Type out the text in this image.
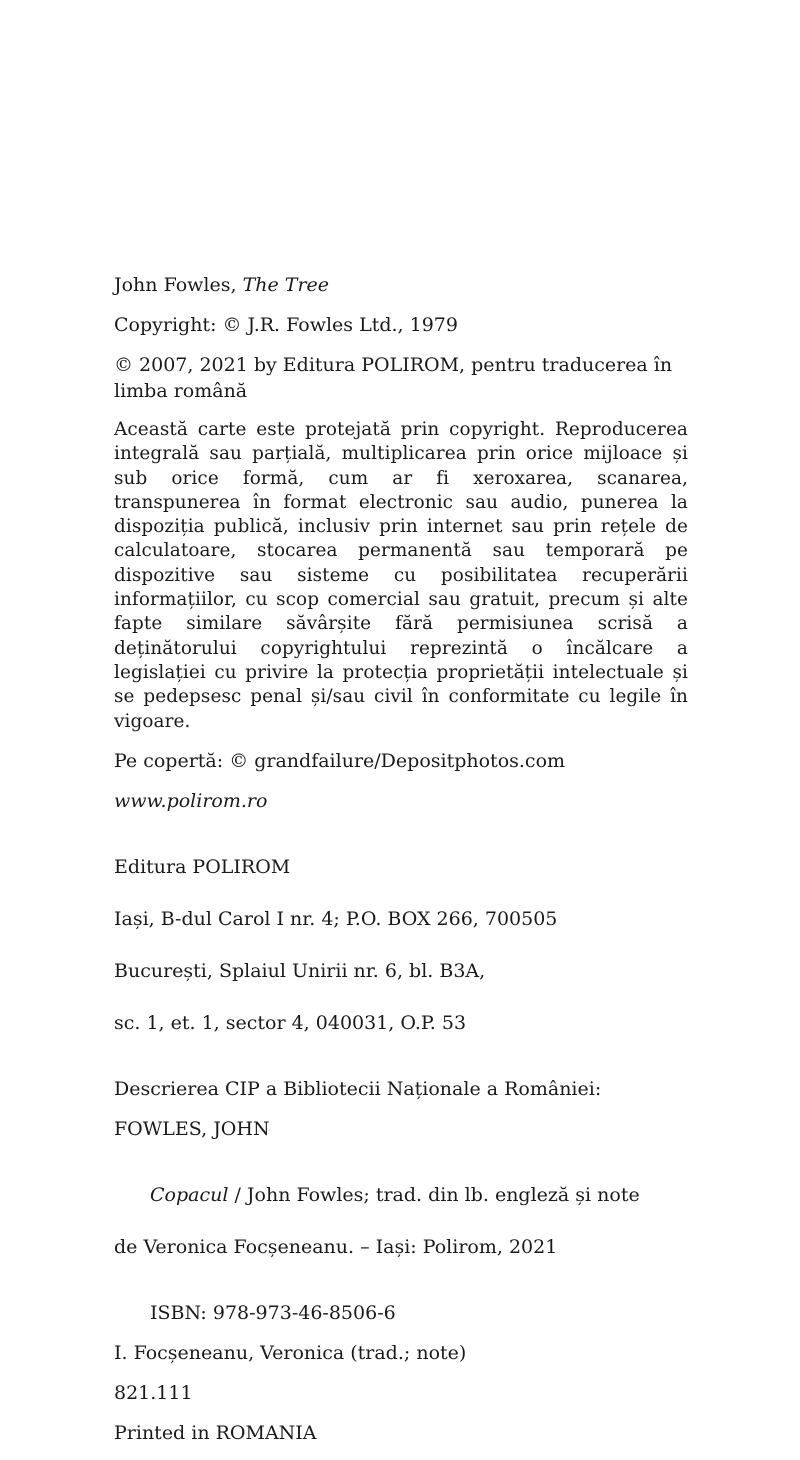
John Fowles, The Tree

Copyright: © J.R. Fowles Ltd., 1979

© 2007, 2021 by Editura POLIROM, pentru traducerea în limba română

Această carte este protejată prin copyright. Reproducerea integrală sau parțială, multiplicarea prin orice mijloace și sub orice formă, cum ar fi xeroxarea, scanarea, transpunerea în format electronic sau audio, punerea la dispoziția publică, inclusiv prin internet sau prin rețele de calculatoare, stocarea permanentă sau temporară pe dispozitive sau sisteme cu posibilitatea recuperării informațiilor, cu scop comercial sau gratuit, precum și alte fapte similare săvârșite fără permisiunea scrisă a deținătorului copyrightului reprezintă o încălcare a legislației cu privire la protecția proprietății intelectuale și se pedepsesc penal și/sau civil în conformitate cu legile în vigoare.

Pe copertă: © grandfailure/Depositphotos.com

www.polirom.ro

Editura POLIROM

Iași, B-dul Carol I nr. 4; P.O. BOX 266, 700505

București, Splaiul Unirii nr. 6, bl. B3A,

sc. 1, et. 1, sector 4, 040031, O.P. 53

Descrierea CIP a Bibliotecii Naționale a României:

FOWLES, JOHN

Copacul / John Fowles; trad. din lb. engleză și note

de Veronica Focșeneanu. – Iași: Polirom, 2021

ISBN: 978-973-46-8506-6

I. Focșeneanu, Veronica (trad.; note)

821.111

Printed in ROMANIA
